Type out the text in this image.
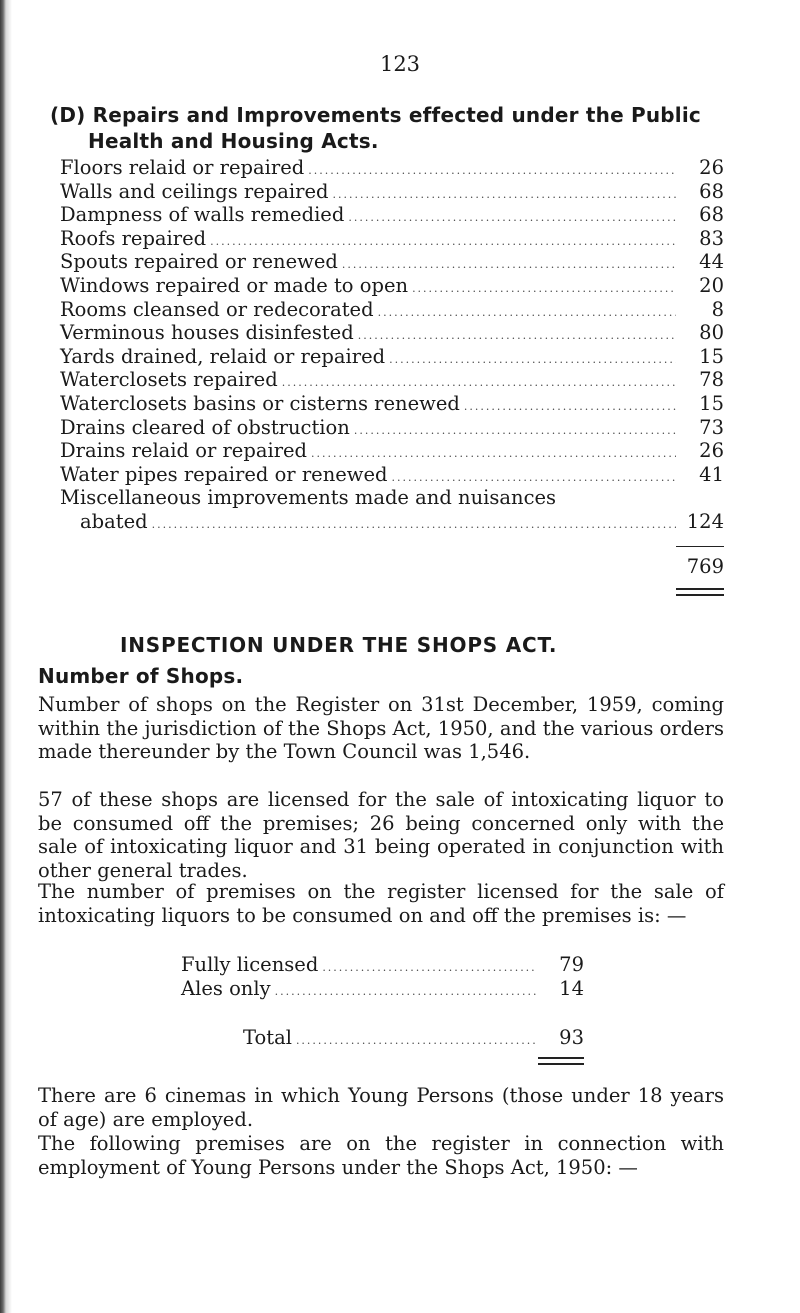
123
(D) Repairs and Improvements effected under the Public
Health and Housing Acts.
Floors relaid or repaired .....	26
Walls and ceilings repaired .....	68
Dampness of walls remedied .....	68
Roofs repaired .....	83
Spouts repaired or renewed .....	44
Windows repaired or made to open .....	20
Rooms cleansed or redecorated .....	8
Verminous houses disinfested .....	80
Yards drained, relaid or repaired .....	15
Waterclosets repaired .....	78
Waterclosets basins or cisterns renewed .....	15
Drains cleared of obstruction .....	73
Drains relaid or repaired .....	26
Water pipes repaired or renewed .....	41
Miscellaneous improvements made and nuisances
abated .....	124
769
INSPECTION UNDER THE SHOPS ACT.
Number of Shops.

Number of shops on the Register on 31st December, 1959, coming within the jurisdiction of the Shops Act, 1950, and the various orders made thereunder by the Town Council was 1,546.

57 of these shops are licensed for the sale of intoxicating liquor to be consumed off the premises; 26 being concerned only with the sale of intoxicating liquor and 31 being operated in conjunction with other general trades.

The number of premises on the register licensed for the sale of intoxicating liquors to be consumed on and off the premises is: —

Fully licensed .....	79
Ales only .....	14
Total .....	93

There are 6 cinemas in which Young Persons (those under 18 years of age) are employed.

The following premises are on the register in connection with employment of Young Persons under the Shops Act, 1950: —
